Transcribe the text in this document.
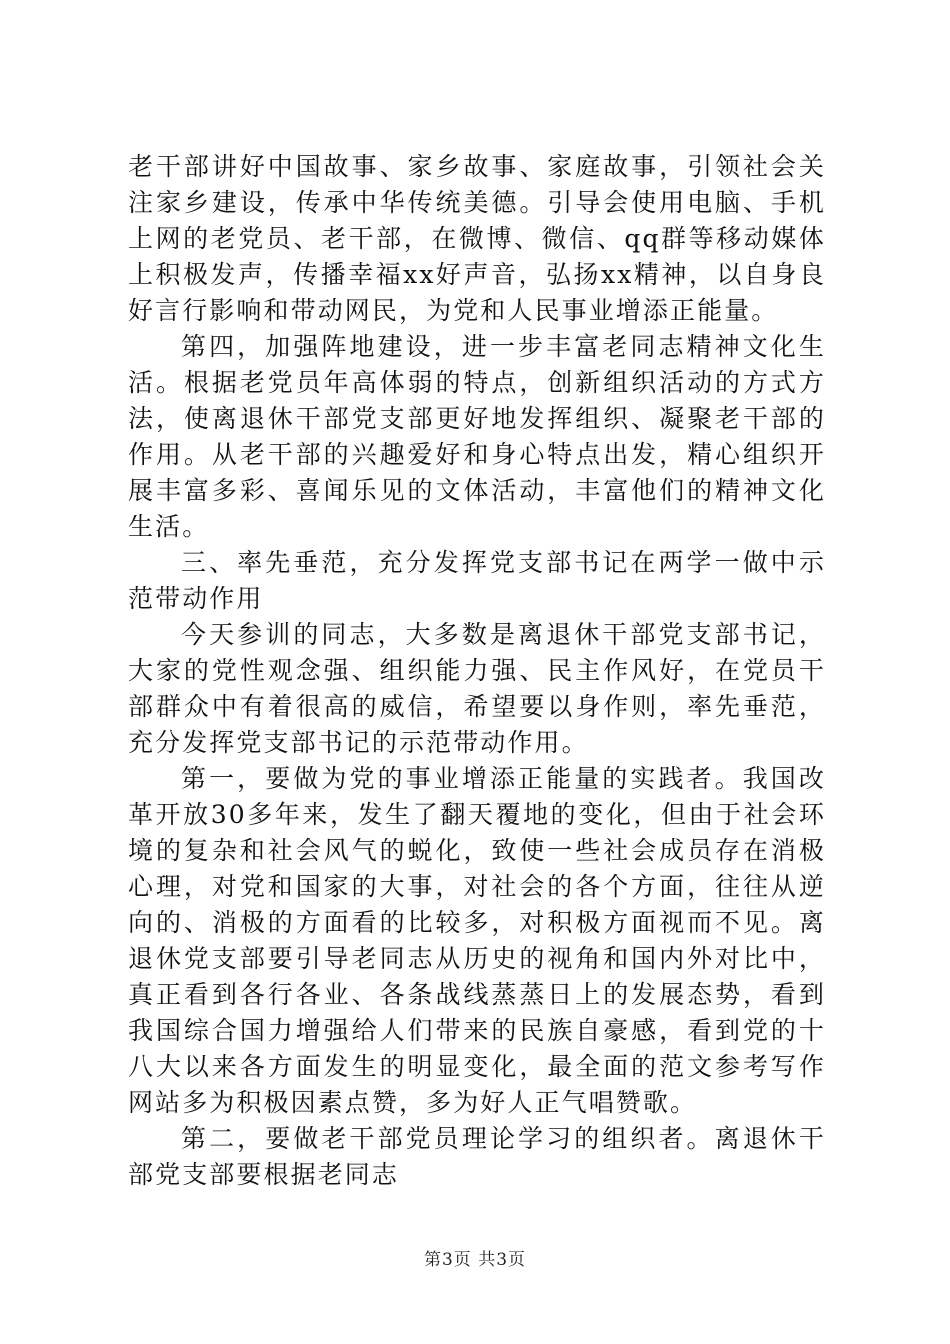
老干部讲好中国故事、家乡故事、家庭故事，引领社会关注家乡建设，传承中华传统美德。引导会使用电脑、手机上网的老党员、老干部，在微博、微信、qq群等移动媒体上积极发声，传播幸福xx好声音，弘扬xx精神，以自身良好言行影响和带动网民，为党和人民事业增添正能量。

第四，加强阵地建设，进一步丰富老同志精神文化生活。根据老党员年高体弱的特点，创新组织活动的方式方法，使离退休干部党支部更好地发挥组织、凝聚老干部的作用。从老干部的兴趣爱好和身心特点出发，精心组织开展丰富多彩、喜闻乐见的文体活动，丰富他们的精神文化生活。

三、率先垂范，充分发挥党支部书记在两学一做中示范带动作用

今天参训的同志，大多数是离退休干部党支部书记，大家的党性观念强、组织能力强、民主作风好，在党员干部群众中有着很高的威信，希望要以身作则，率先垂范，充分发挥党支部书记的示范带动作用。

第一，要做为党的事业增添正能量的实践者。我国改革开放30多年来，发生了翻天覆地的变化，但由于社会环境的复杂和社会风气的蜕化，致使一些社会成员存在消极心理，对党和国家的大事，对社会的各个方面，往往从逆向的、消极的方面看的比较多，对积极方面视而不见。离退休党支部要引导老同志从历史的视角和国内外对比中，真正看到各行各业、各条战线蒸蒸日上的发展态势，看到我国综合国力增强给人们带来的民族自豪感，看到党的十八大以来各方面发生的明显变化，最全面的范文参考写作网站多为积极因素点赞，多为好人正气唱赞歌。

第二，要做老干部党员理论学习的组织者。离退休干部党支部要根据老同志

第3页 共3页
